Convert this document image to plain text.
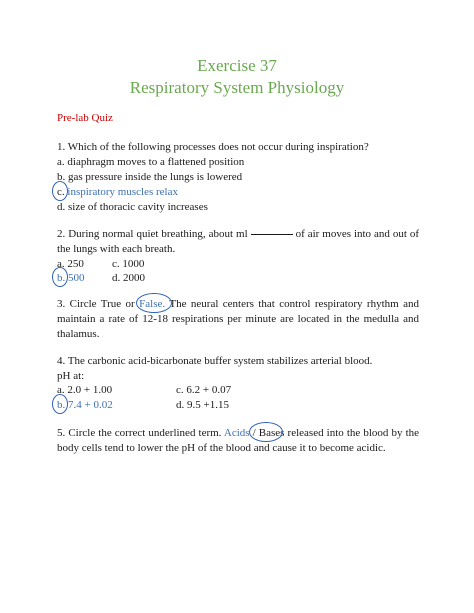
Exercise 37
Respiratory System Physiology
Pre-lab Quiz
1. Which of the following processes does not occur during inspiration?
a. diaphragm moves to a flattened position
b. gas pressure inside the lungs is lowered
c. inspiratory muscles relax
d. size of thoracic cavity increases
2. During normal quiet breathing, about ml	of air moves into and out of
the lungs with each breath.
a. 250	c. 1000
b. 500	d. 2000
3. Circle True or False. The neural centers that control respiratory rhythm and
maintain a rate of 12-18 respirations per minute are located in the medulla and
thalamus.
4. The carbonic acid-bicarbonate buffer system stabilizes arterial blood.
pH at:
a. 2.0 + 1.00	c. 6.2 + 0.07
b. 7.4 + 0.02	d. 9.5 +1.15
5. Circle the correct underlined term. Acids / Bases released into the blood by the
body cells tend to lower the pH of the blood and cause it to become acidic.
